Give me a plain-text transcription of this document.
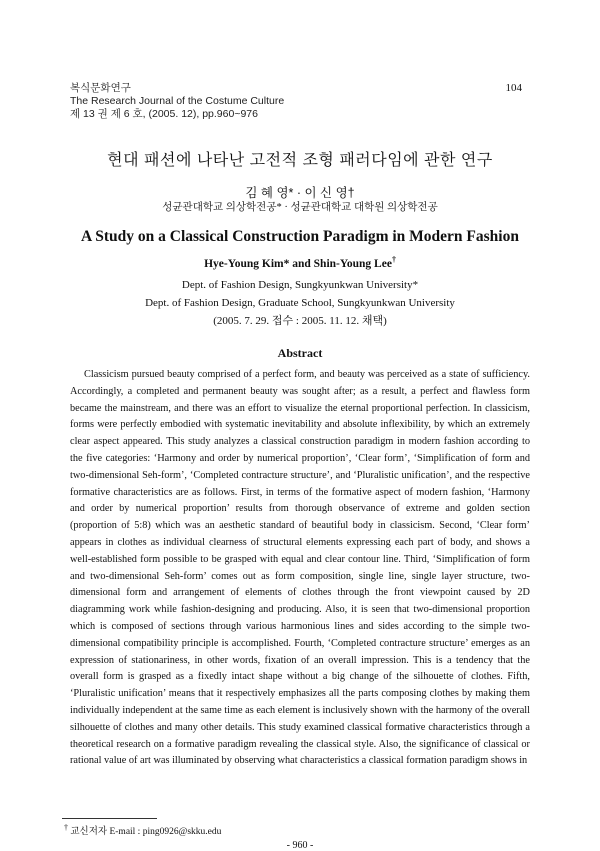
복식문화연구
The Research Journal of the Costume Culture
제 13 권 제 6 호, (2005. 12), pp.960~976
104
현대 패션에 나타난 고전적 조형 패러다임에 관한 연구
김 혜 영* · 이 신 영†
성균관대학교 의상학전공* · 성균관대학교 대학원 의상학전공
A Study on a Classical Construction Paradigm in Modern Fashion
Hye-Young Kim* and Shin-Young Lee†
Dept. of Fashion Design, Sungkyunkwan University*
Dept. of Fashion Design, Graduate School, Sungkyunkwan University
(2005. 7. 29. 접수 : 2005. 11. 12. 채택)
Abstract

Classicism pursued beauty comprised of a perfect form, and beauty was perceived as a state of sufficiency. Accordingly, a completed and permanent beauty was sought after; as a result, a perfect and flawless form became the mainstream, and there was an effort to visualize the eternal proportional perfection. In classicism, forms were perfectly embodied with systematic inevitability and absolute inflexibility, by which an extremely clear aspect appeared. This study analyzes a classical construction paradigm in modern fashion according to the five categories: ‘Harmony and order by numerical proportion’, ‘Clear form’, ‘Simplification of form and two-dimensional Seh-form’, ‘Completed contracture structure’, and ‘Pluralistic unification’, and the respective formative characteristics are as follows. First, in terms of the formative aspect of modern fashion, ‘Harmony and order by numerical proportion’ results from thorough observance of extreme and golden section (proportion of 5:8) which was an aesthetic standard of beautiful body in classicism. Second, ‘Clear form’ appears in clothes as individual clearness of structural elements expressing each part of body, and shows a well-established form possible to be grasped with equal and clear contour line. Third, ‘Simplification of form and two-dimensional Seh-form’ comes out as form composition, single line, single layer structure, two-dimensional form and arrangement of elements of clothes through the front viewpoint caused by 2D diagramming work while fashion-designing and producing. Also, it is seen that two-dimensional proportion which is composed of sections through various harmonious lines and sides according to the simple two-dimensional compatibility principle is accomplished. Fourth, ‘Completed contracture structure’ emerges as an expression of stationariness, in other words, fixation of an overall impression. This is a tendency that the overall form is grasped as a fixedly intact shape without a big change of the silhouette of clothes. Fifth, ‘Pluralistic unification’ means that it respectively emphasizes all the parts composing clothes by making them individually independent at the same time as each element is inclusively shown with the harmony of the overall silhouette of clothes and many other details. This study examined classical formative characteristics through a theoretical research on a formative paradigm revealing the classical style. Also, the significance of classical or rational value of art was illuminated by observing what characteristics a classical formation paradigm shows in

† 교신저자 E-mail : ping0926@skku.edu
- 960 -
